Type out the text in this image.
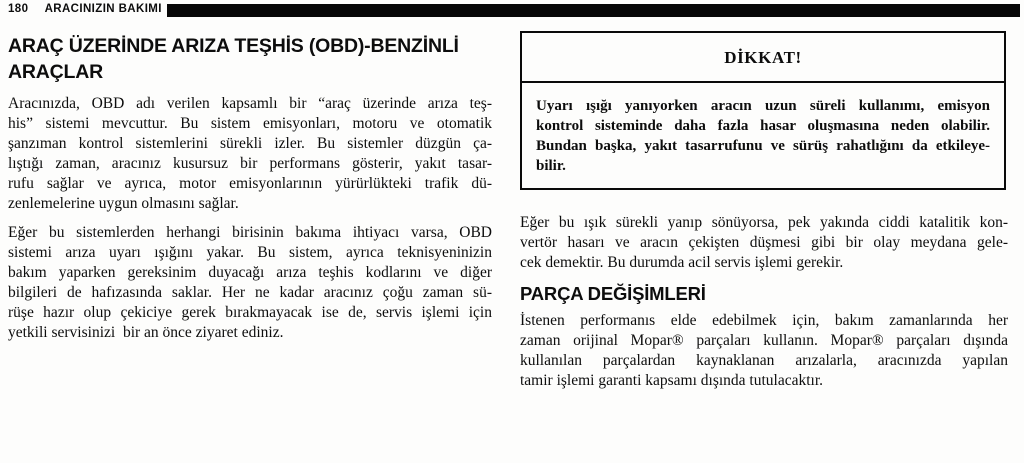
180 ARACINIZIN BAKIMI
ARAÇ ÜZERİNDE ARIZA TEŞHİS (OBD)-BENZİNLİ
ARAÇLAR
Aracınızda, OBD adı verilen kapsamlı bir “araç üzerinde arıza teş-
his” sistemi mevcuttur. Bu sistem emisyonları, motoru ve otomatik
şanzıman kontrol sistemlerini sürekli izler. Bu sistemler düzgün ça-
lıştığı zaman, aracınız kusursuz bir performans gösterir, yakıt tasar-
rufu sağlar ve ayrıca, motor emisyonlarının yürürlükteki trafik dü-
zenlemelerine uygun olmasını sağlar.
Eğer bu sistemlerden herhangi birisinin bakıma ihtiyacı varsa, OBD
sistemi arıza uyarı ışığını yakar. Bu sistem, ayrıca teknisyeninizin
bakım yaparken gereksinim duyacağı arıza teşhis kodlarını ve diğer
bilgileri de hafızasında saklar. Her ne kadar aracınız çoğu zaman sü-
rüşe hazır olup çekiciye gerek bırakmayacak ise de, servis işlemi için
yetkili servisinizi  bir an önce ziyaret ediniz.
DİKKAT!
Uyarı ışığı yanıyorken aracın uzun süreli kullanımı, emisyon
kontrol sisteminde daha fazla hasar oluşmasına neden olabilir.
Bundan başka, yakıt tasarrufunu ve sürüş rahatlığını da etkileye-
bilir.
Eğer bu ışık sürekli yanıp sönüyorsa, pek yakında ciddi katalitik kon-
vertör hasarı ve aracın çekişten düşmesi gibi bir olay meydana gele-
cek demektir. Bu durumda acil servis işlemi gerekir.
PARÇA DEĞİŞİMLERİ
İstenen performanıs elde edebilmek için, bakım zamanlarında her
zaman orijinal Mopar® parçaları kullanın. Mopar® parçaları dışında
kullanılan parçalardan kaynaklanan arızalarla, aracınızda yapılan
tamir işlemi garanti kapsamı dışında tutulacaktır.
